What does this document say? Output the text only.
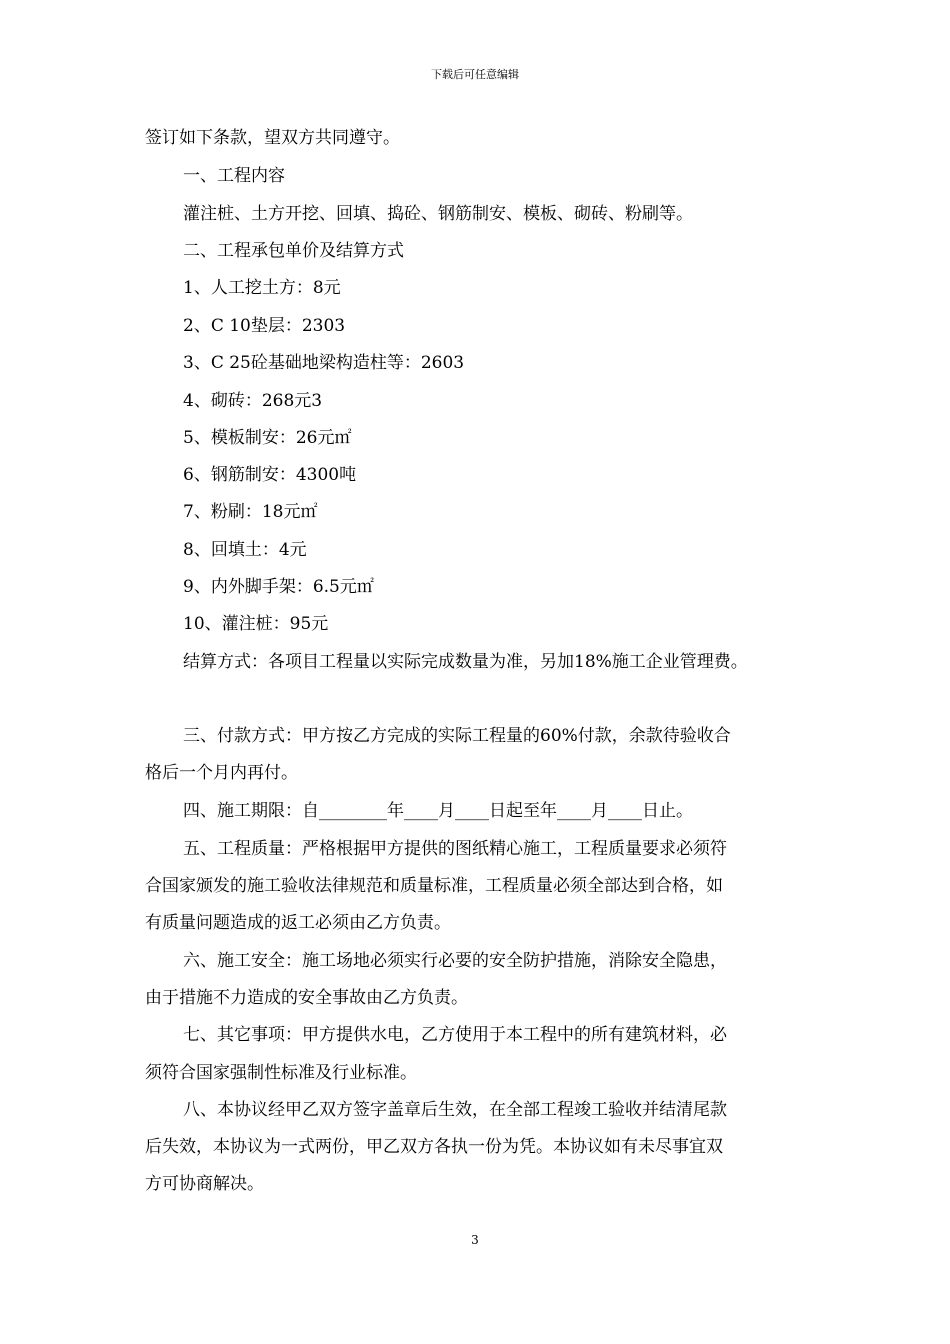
下载后可任意编辑
签订如下条款，望双方共同遵守。
一、工程内容
灌注桩、土方开挖、回填、捣砼、钢筋制安、模板、砌砖、粉刷等。
二、工程承包单价及结算方式
1、人工挖土方：8元
2、C 10垫层：2303
3、C 25砼基础地梁构造柱等：2603
4、砌砖：268元3
5、模板制安：26元㎡
6、钢筋制安：4300吨
7、粉刷：18元㎡
8、回填土：4元
9、内外脚手架：6.5元㎡
10、灌注桩：95元
结算方式：各项目工程量以实际完成数量为准，另加18%施工企业管理费。
三、付款方式：甲方按乙方完成的实际工程量的60%付款，余款待验收合
格后一个月内再付。
四、施工期限：自________年____月____日起至年____月____日止。
五、工程质量：严格根据甲方提供的图纸精心施工，工程质量要求必须符
合国家颁发的施工验收法律规范和质量标准，工程质量必须全部达到合格，如
有质量问题造成的返工必须由乙方负责。
六、施工安全：施工场地必须实行必要的安全防护措施，消除安全隐患，
由于措施不力造成的安全事故由乙方负责。
七、其它事项：甲方提供水电，乙方使用于本工程中的所有建筑材料，必
须符合国家强制性标准及行业标准。
八、本协议经甲乙双方签字盖章后生效，在全部工程竣工验收并结清尾款
后失效，本协议为一式两份，甲乙双方各执一份为凭。本协议如有未尽事宜双
方可协商解决。
3
